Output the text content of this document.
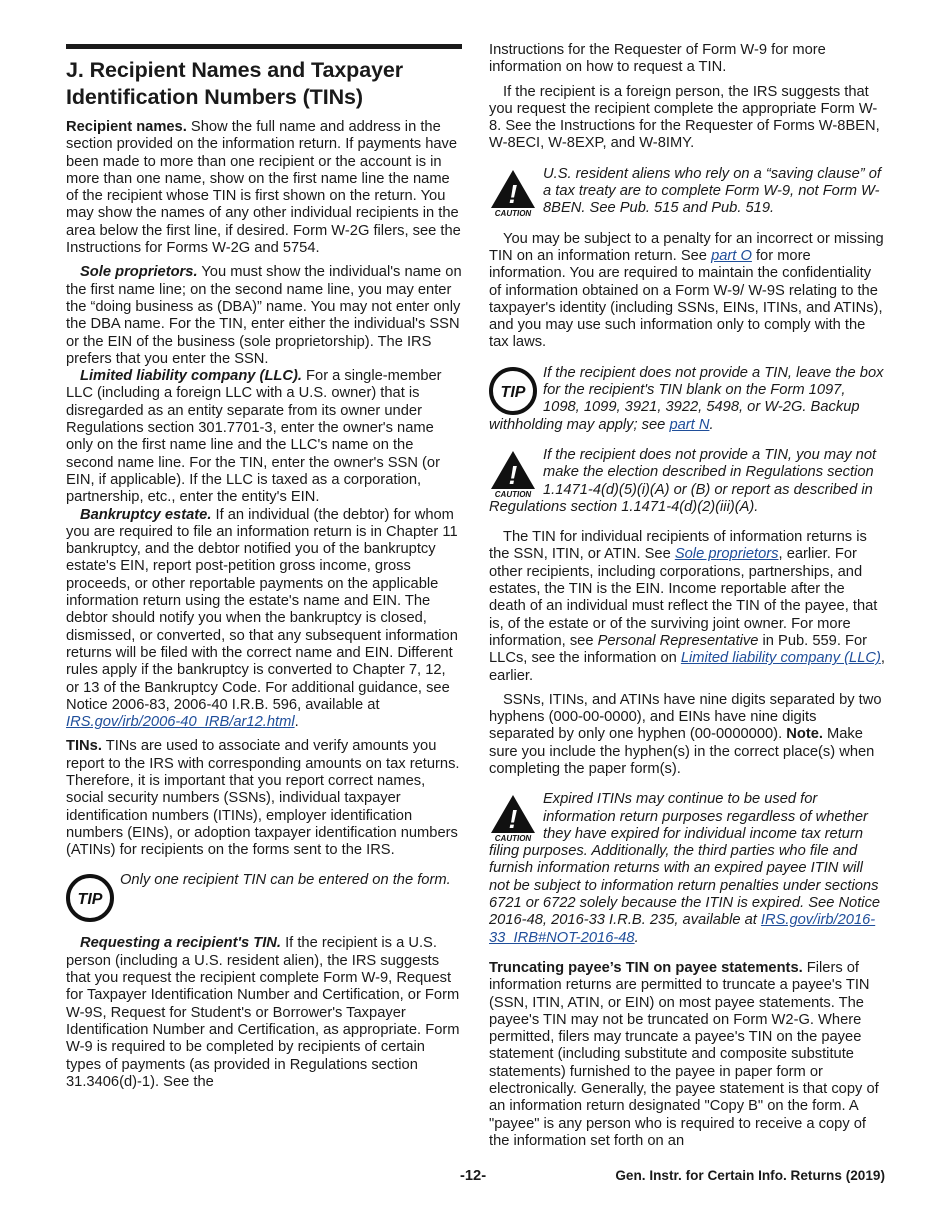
J. Recipient Names and Taxpayer Identification Numbers (TINs)

Recipient names. Show the full name and address in the section provided on the information return. If payments have been made to more than one recipient or the account is in more than one name, show on the first name line the name of the recipient whose TIN is first shown on the return. You may show the names of any other individual recipients in the area below the first line, if desired. Form W-2G filers, see the Instructions for Forms W-2G and 5754.

Sole proprietors. You must show the individual's name on the first name line; on the second name line, you may enter the “doing business as (DBA)” name. You may not enter only the DBA name. For the TIN, enter either the individual's SSN or the EIN of the business (sole proprietorship). The IRS prefers that you enter the SSN.

Limited liability company (LLC). For a single-member LLC (including a foreign LLC with a U.S. owner) that is disregarded as an entity separate from its owner under Regulations section 301.7701-3, enter the owner's name only on the first name line and the LLC's name on the second name line. For the TIN, enter the owner's SSN (or EIN, if applicable). If the LLC is taxed as a corporation, partnership, etc., enter the entity's EIN.

Bankruptcy estate. If an individual (the debtor) for whom you are required to file an information return is in Chapter 11 bankruptcy, and the debtor notified you of the bankruptcy estate's EIN, report post-petition gross income, gross proceeds, or other reportable payments on the applicable information return using the estate's name and EIN. The debtor should notify you when the bankruptcy is closed, dismissed, or converted, so that any subsequent information returns will be filed with the correct name and EIN. Different rules apply if the bankruptcy is converted to Chapter 7, 12, or 13 of the Bankruptcy Code. For additional guidance, see Notice 2006-83, 2006-40 I.R.B. 596, available at IRS.gov/irb/2006-40_IRB/ar12.html.

TINs. TINs are used to associate and verify amounts you report to the IRS with corresponding amounts on tax returns. Therefore, it is important that you report correct names, social security numbers (SSNs), individual taxpayer identification numbers (ITINs), employer identification numbers (EINs), or adoption taxpayer identification numbers (ATINs) for recipients on the forms sent to the IRS.

TIP
Only one recipient TIN can be entered on the form.

Requesting a recipient's TIN. If the recipient is a U.S. person (including a U.S. resident alien), the IRS suggests that you request the recipient complete Form W-9, Request for Taxpayer Identification Number and Certification, or Form W-9S, Request for Student's or Borrower's Taxpayer Identification Number and Certification, as appropriate. Form W-9 is required to be completed by recipients of certain types of payments (as provided in Regulations section 31.3406(d)-1). See the

Instructions for the Requester of Form W-9 for more information on how to request a TIN.

If the recipient is a foreign person, the IRS suggests that you request the recipient complete the appropriate Form W-8. See the Instructions for the Requester of Forms W-8BEN, W-8ECI, W-8EXP, and W-8IMY.

!
CAUTION
U.S. resident aliens who rely on a “saving clause” of a tax treaty are to complete Form W-9, not Form W-8BEN. See Pub. 515 and Pub. 519.

You may be subject to a penalty for an incorrect or missing TIN on an information return. See part O for more information. You are required to maintain the confidentiality of information obtained on a Form W-9/ W-9S relating to the taxpayer's identity (including SSNs, EINs, ITINs, and ATINs), and you may use such information only to comply with the tax laws.

TIP
If the recipient does not provide a TIN, leave the box for the recipient's TIN blank on the Form 1097, 1098, 1099, 3921, 3922, 5498, or W-2G. Backup withholding may apply; see part N.
!
CAUTION
If the recipient does not provide a TIN, you may not make the election described in Regulations section 1.1471-4(d)(5)(i)(A) or (B) or report as described in Regulations section 1.1471-4(d)(2)(iii)(A).

The TIN for individual recipients of information returns is the SSN, ITIN, or ATIN. See Sole proprietors, earlier. For other recipients, including corporations, partnerships, and estates, the TIN is the EIN. Income reportable after the death of an individual must reflect the TIN of the payee, that is, of the estate or of the surviving joint owner. For more information, see Personal Representative in Pub. 559. For LLCs, see the information on Limited liability company (LLC), earlier.

SSNs, ITINs, and ATINs have nine digits separated by two hyphens (000-00-0000), and EINs have nine digits separated by only one hyphen (00-0000000). Note. Make sure you include the hyphen(s) in the correct place(s) when completing the paper form(s).

!
CAUTION
Expired ITINs may continue to be used for information return purposes regardless of whether they have expired for individual income tax return filing purposes. Additionally, the third parties who file and furnish information returns with an expired payee ITIN will not be subject to information return penalties under sections 6721 or 6722 solely because the ITIN is expired. See Notice 2016-48, 2016-33 I.R.B. 235, available at IRS.gov/irb/2016-33_IRB#NOT-2016-48.

Truncating payee’s TIN on payee statements. Filers of information returns are permitted to truncate a payee's TIN (SSN, ITIN, ATIN, or EIN) on most payee statements. The payee's TIN may not be truncated on Form W2-G. Where permitted, filers may truncate a payee's TIN on the payee statement (including substitute and composite substitute statements) furnished to the payee in paper form or electronically. Generally, the payee statement is that copy of an information return designated "Copy B" on the form. A "payee" is any person who is required to receive a copy of the information set forth on an

-12-	Gen. Instr. for Certain Info. Returns (2019)
